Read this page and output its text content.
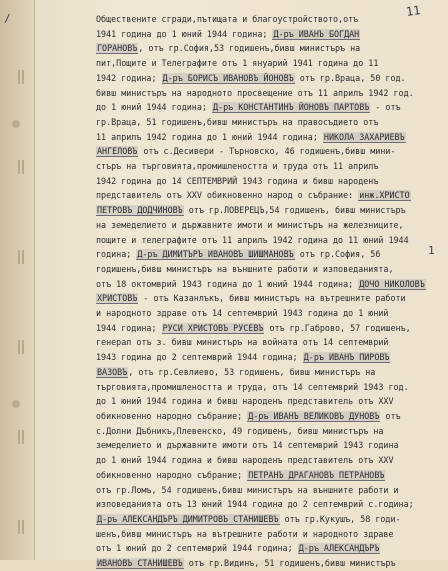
11
/
1
Обществените сгради,пътищата и благоустройството,отъ
1941 година до 1 юний 1944 година; Д-ръ ИВАНЪ БОГДАН
ГОРАНОВЪ, отъ гр.София,53 годишенъ,бивш министъръ на
пит,Пощите и Телеграфите отъ 1 януарий 1941 година до 11
1942 година; Д-ръ БОРИСЪ ИВАНОВЪ ЙОНОВЪ отъ гр.Враца, 50 год.
бивш министъръ на народното просвещение отъ 11 априлъ 1942 год.
до 1 юний 1944 година; Д-ръ КОНСТАНТИНЪ ЙОНОВЪ ПАРТОВЪ - отъ
гр.Враца, 51 годишенъ,бивш министъръ на правосъдието отъ
11 априлъ 1942 година до 1 юний 1944 година; НИКОЛА ЗАХАРИЕВЪ
АНГЕЛОВЪ отъ с.Десивери - Търновско, 46 годишенъ,бивш мини-
стъръ на търговията,промишлеността и труда отъ 11 априлъ
1942 година до 14 СЕПТЕМВРИЙ 1943 година и бивш народенъ
представитель отъ XXV обикновенно народ о събрание: инж.ХРИСТО
ПЕТРОВЪ ДОДЧИНОВЪ отъ гр.ЛОВЕРЕЦЪ,54 годишенъ, бивш министъръ
на земеделието и държавните имоти и министъръ на железниците,
пощите и телеграфите отъ 11 априлъ 1942 година до 11 юний 1944
година; Д-ръ ДИМИТЪРЪ ИВАНОВЪ ШИШМАНОВЪ отъ гр.София, 56
годишенъ,бивш министъръ на външните работи и изповеданията,
отъ 18 октомврий 1943 година до 1 юний 1944 година; ДОЧО НИКОЛОВЪ
ХРИСТОВЪ - отъ Казанлъкъ, бивш министъръ на вътрешните работи
и народното здраве отъ 14 септемврий 1943 година до 1 юний
1944 година; РУСИ ХРИСТОВЪ РУСЕВЪ отъ гр.Габрово, 57 годишенъ,
генерал отъ з. бивш министъръ на войната отъ 14 септемврий
1943 година до 2 септемврий 1944 година; Д-ръ ИВАНЪ ПИРОВЪ
ВАЗОВЪ, отъ гр.Севлиево, 53 годишенъ, бивш министъръ на
търговията,промишлеността и труда, отъ 14 септемврий 1943 год.
до 1 юний 1944 година и бивш народенъ представитель отъ XXV
обикновенно народно събрание; Д-ръ ИВАНЪ ВЕЛИКОВЪ ДУНОВЪ отъ
с.Долни Дъбникъ,Плевенско, 49 годишенъ, бивш министъръ на
земеделието и държавните имоти отъ 14 септемврий 1943 година
до 1 юний 1944 година и бивш народенъ представитель отъ XXV
обикновенно народно събрание; ПЕТРАНЪ ДРАГАНОВЪ ПЕТРАНОВЪ
отъ гр.Ломъ, 54 годишенъ,бивш министъръ на външните работи и
изповеданията отъ 13 юний 1944 година до 2 септемврий с.година;
Д-ръ АЛЕКСАНДЪРЪ ДИМИТРОВЪ СТАНИШЕВЪ отъ гр.Кукушъ, 58 годи-
шенъ,бивш министъръ на вътрешните работи и народното здраве
отъ 1 юний до 2 септемврий 1944 година; Д-ръ АЛЕКСАНДЪРЪ
ИВАНОВЪ СТАНИШЕВЪ отъ гр.Видинъ, 51 годишенъ,бивш министъръ
